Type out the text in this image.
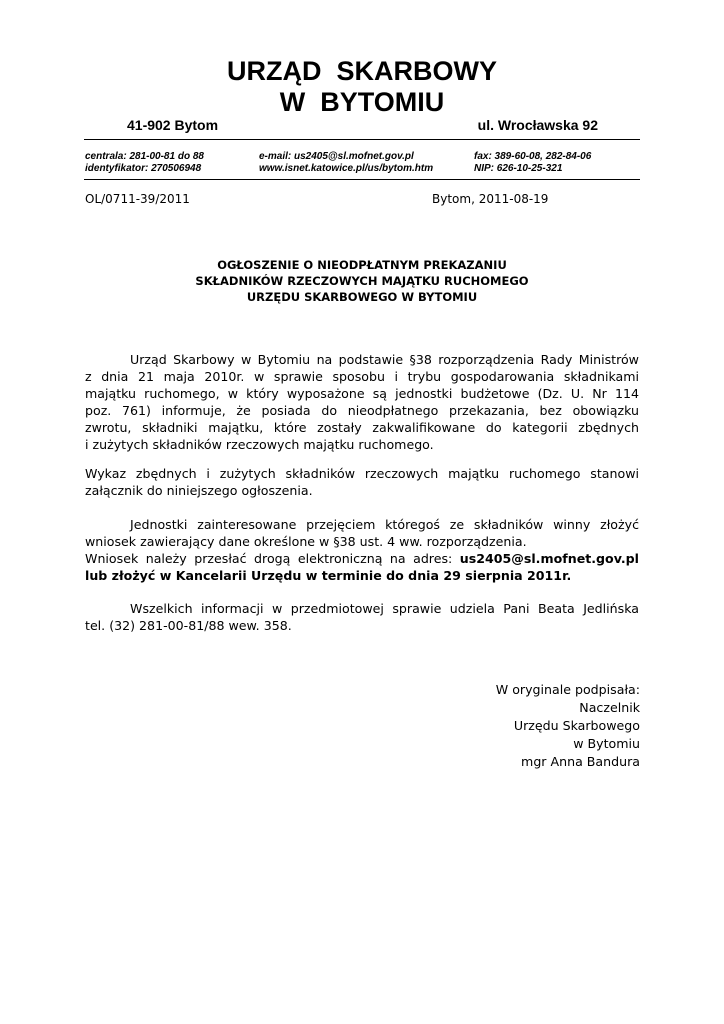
URZĄD  SKARBOWY
W  BYTOMIU
41-902 Bytom	ul. Wrocławska 92
centrala: 281-00-81 do 88
identyfikator: 270506948
e-mail: us2405@sl.mofnet.gov.pl
www.isnet.katowice.pl/us/bytom.htm
fax: 389-60-08, 282-84-06
NIP: 626-10-25-321
OL/0711-39/2011	Bytom, 2011-08-19
OGŁOSZENIE O NIEODPŁATNYM PREKAZANIU
SKŁADNIKÓW RZECZOWYCH MAJĄTKU RUCHOMEGO
URZĘDU SKARBOWEGO W BYTOMIU
Urząd Skarbowy w Bytomiu na podstawie §38 rozporządzenia Rady Ministrów
z dnia 21 maja 2010r. w sprawie sposobu i trybu gospodarowania składnikami
majątku ruchomego, w który wyposażone są jednostki budżetowe (Dz. U. Nr 114
poz. 761) informuje, że posiada do nieodpłatnego przekazania, bez obowiązku
zwrotu, składniki majątku, które zostały zakwalifikowane do kategorii zbędnych
i zużytych składników rzeczowych majątku ruchomego.
Wykaz zbędnych i zużytych składników rzeczowych majątku ruchomego stanowi
załącznik do niniejszego ogłoszenia.
Jednostki zainteresowane przejęciem któregoś ze składników winny złożyć
wniosek zawierający dane określone w §38 ust. 4 ww. rozporządzenia.
Wniosek należy przesłać drogą elektroniczną na adres: us2405@sl.mofnet.gov.pl
lub złożyć w Kancelarii Urzędu w terminie do dnia 29 sierpnia 2011r.
Wszelkich informacji w przedmiotowej sprawie udziela Pani Beata Jedlińska
tel. (32) 281-00-81/88 wew. 358.
W oryginale podpisała:
Naczelnik
Urzędu Skarbowego
w Bytomiu
mgr Anna Bandura
